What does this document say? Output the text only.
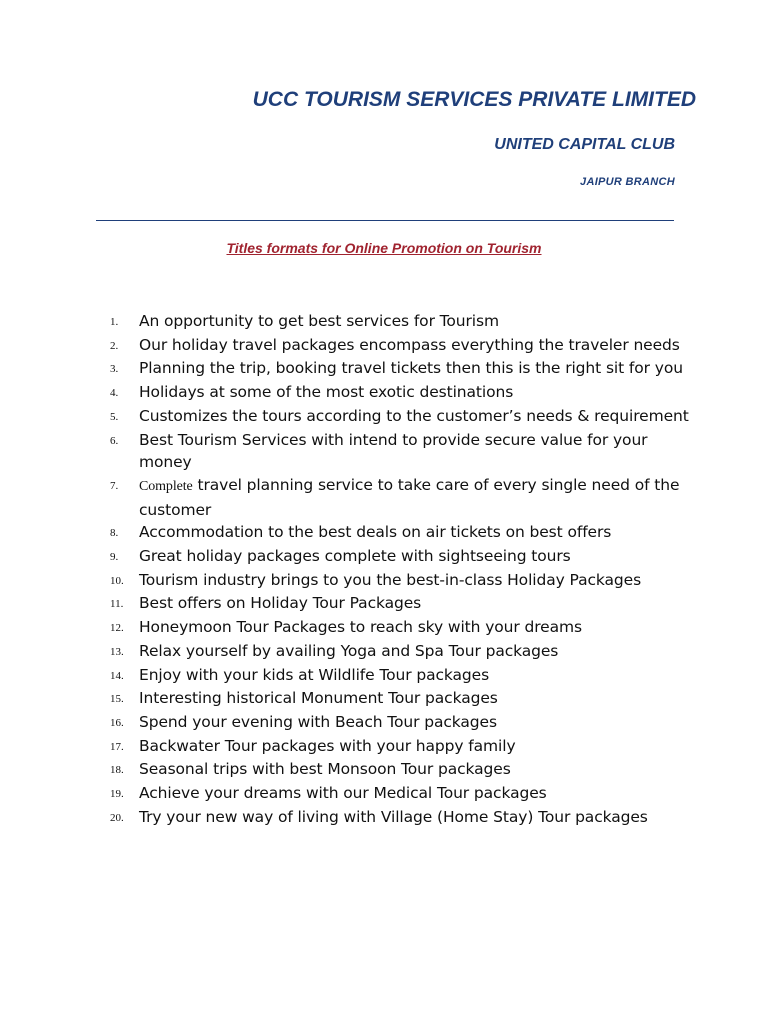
UCC TOURISM SERVICES PRIVATE LIMITED
UNITED CAPITAL CLUB
JAIPUR BRANCH
Titles formats for Online Promotion on Tourism
1.	An opportunity to get best services for Tourism
2.	Our holiday travel packages encompass everything the traveler needs
3.	Planning the trip, booking travel tickets then this is the right sit for you
4.	Holidays at some of the most exotic destinations
5.	Customizes the tours according to the customer’s needs & requirement
6.	Best Tourism Services with intend to provide secure value for your money
7.	Complete travel planning service to take care of every single need of the customer
8.	Accommodation to the best deals on air tickets on best offers
9.	Great holiday packages complete with sightseeing tours
10. Tourism industry brings to you the best-in-class Holiday Packages
11.	Best offers on Holiday Tour Packages
12. Honeymoon Tour Packages to reach sky with your dreams
13. Relax yourself by availing Yoga and Spa Tour packages
14. Enjoy with your kids at Wildlife Tour packages
15. Interesting historical Monument Tour packages
16. Spend your evening with Beach Tour packages
17. Backwater Tour packages with your happy family
18. Seasonal trips with best Monsoon Tour packages
19. Achieve your dreams with our Medical Tour packages
20. Try your new way of living with Village (Home Stay) Tour packages
